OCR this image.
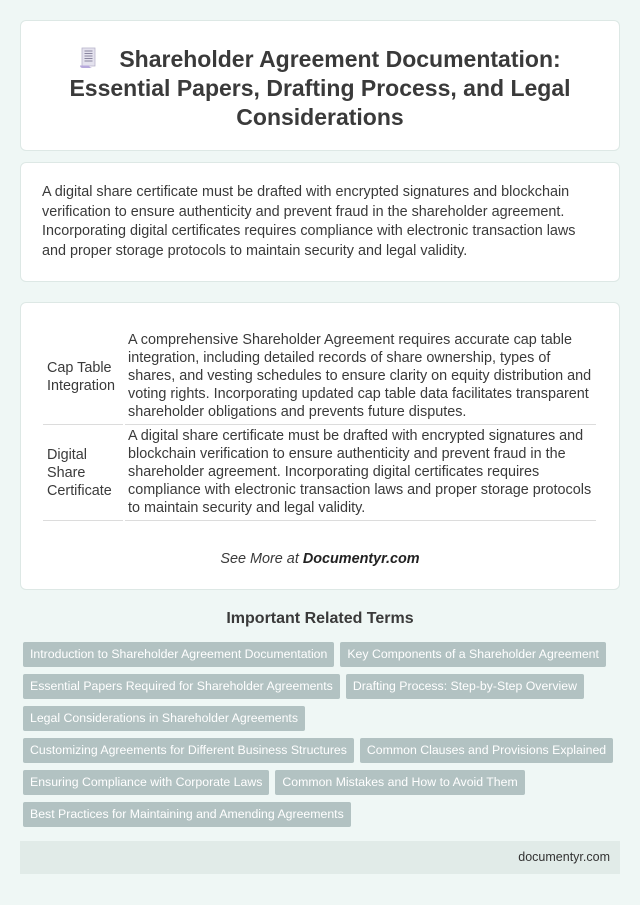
Shareholder Agreement Documentation: Essential Papers, Drafting Process, and Legal Considerations

A digital share certificate must be drafted with encrypted signatures and blockchain verification to ensure authenticity and prevent fraud in the shareholder agreement. Incorporating digital certificates requires compliance with electronic transaction laws and proper storage protocols to maintain security and legal validity.

Cap Table Integration	A comprehensive Shareholder Agreement requires accurate cap table integration, including detailed records of share ownership, types of shares, and vesting schedules to ensure clarity on equity distribution and voting rights. Incorporating updated cap table data facilitates transparent shareholder obligations and prevents future disputes.
Digital Share Certificate	A digital share certificate must be drafted with encrypted signatures and blockchain verification to ensure authenticity and prevent fraud in the shareholder agreement. Incorporating digital certificates requires compliance with electronic transaction laws and proper storage protocols to maintain security and legal validity.
See More at Documentyr.com
Important Related Terms
Introduction to Shareholder Agreement Documentation	Key Components of a Shareholder Agreement
Essential Papers Required for Shareholder Agreements	Drafting Process: Step-by-Step Overview
Legal Considerations in Shareholder Agreements
Customizing Agreements for Different Business Structures	Common Clauses and Provisions Explained
Ensuring Compliance with Corporate Laws	Common Mistakes and How to Avoid Them
Best Practices for Maintaining and Amending Agreements
documentyr.com
